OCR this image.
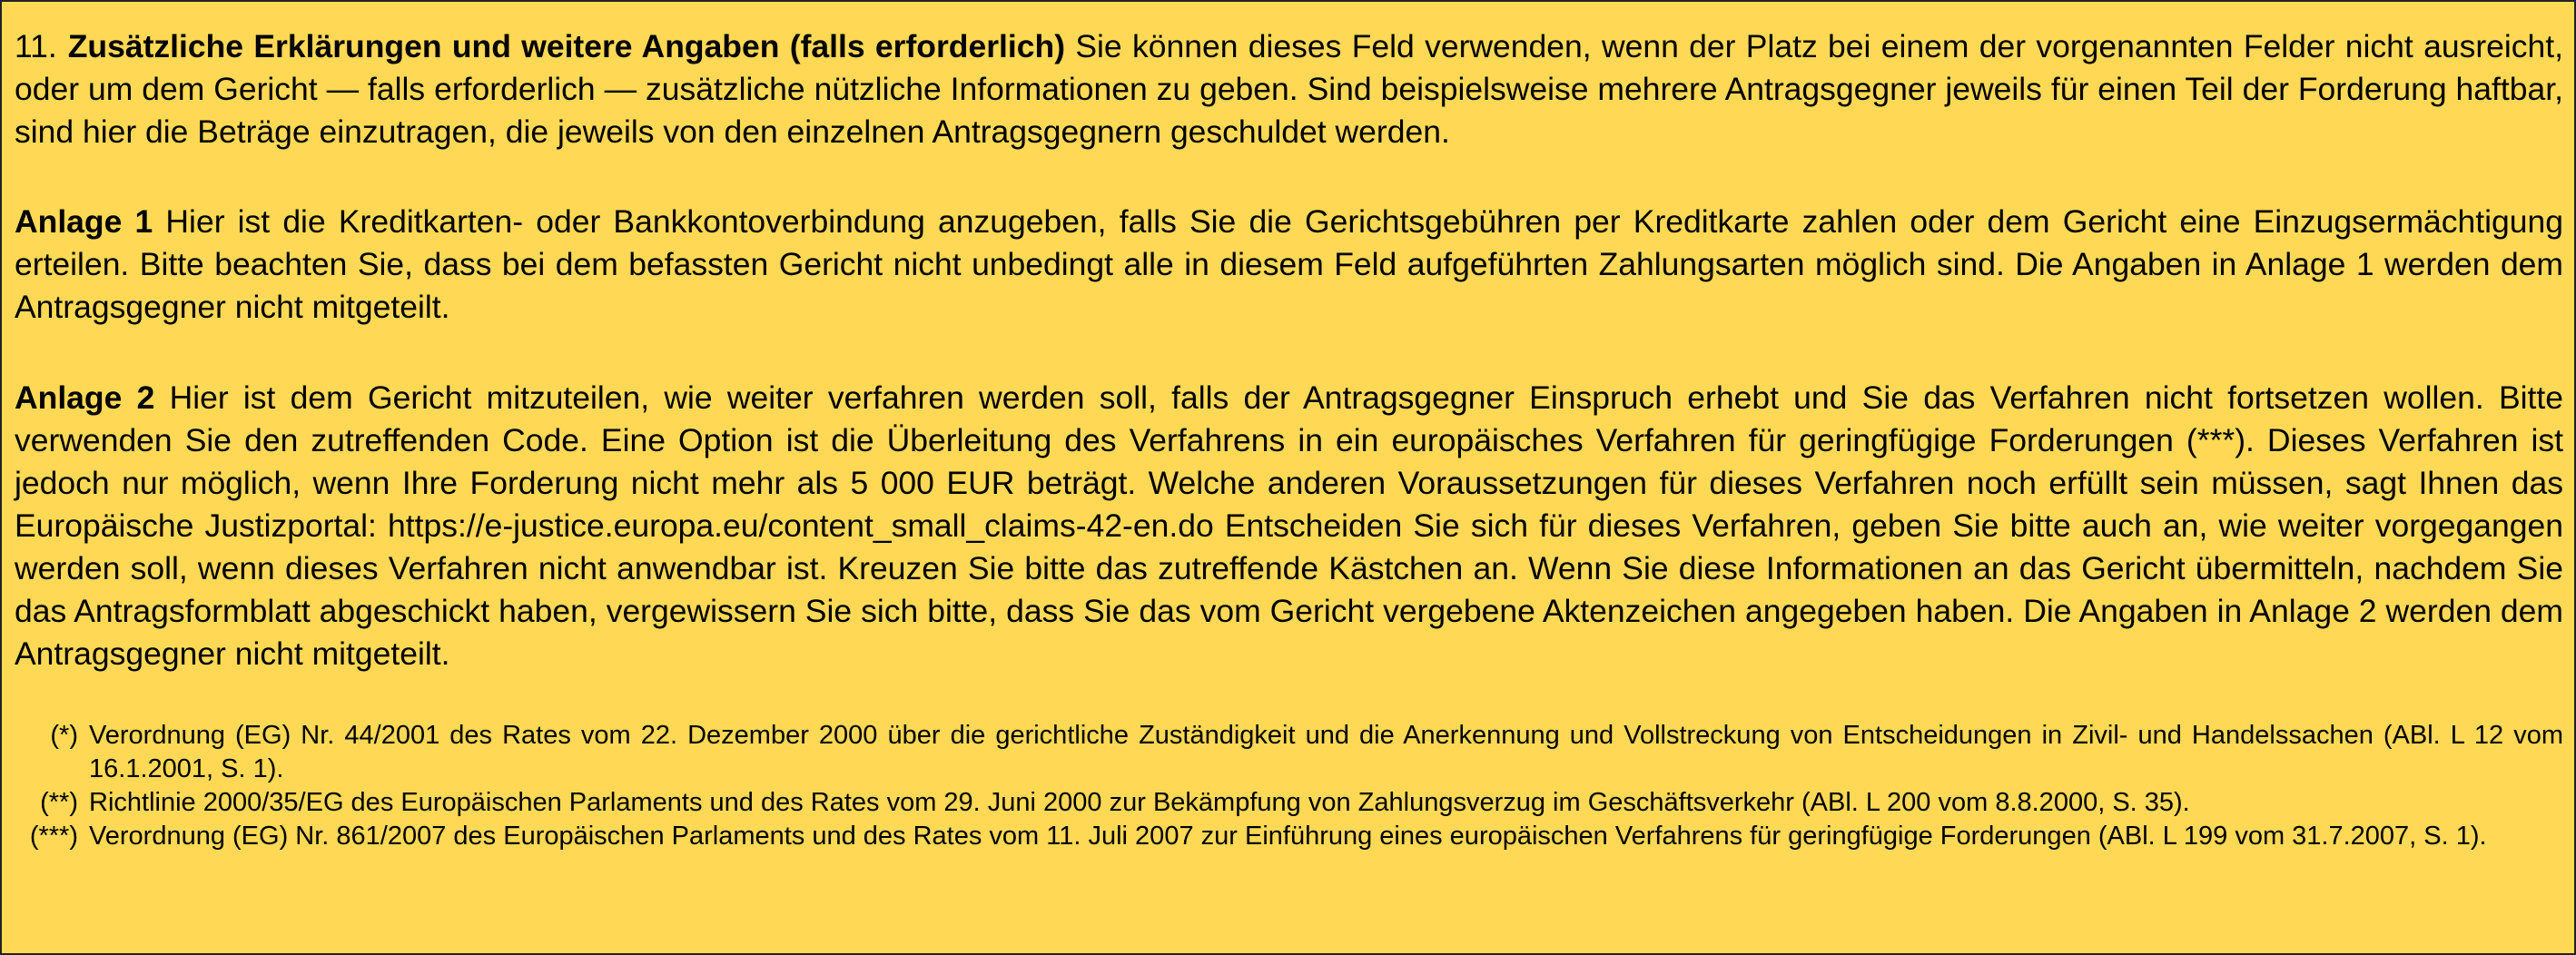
11. Zusätzliche Erklärungen und weitere Angaben (falls erforderlich) Sie können dieses Feld verwenden, wenn der Platz bei einem der vorgenannten Felder nicht ausreicht, oder um dem Gericht — falls erforderlich — zusätzliche nützliche Informationen zu geben. Sind beispielsweise mehrere Antragsgegner jeweils für einen Teil der Forderung haftbar, sind hier die Beträge einzutragen, die jeweils von den einzelnen Antragsgegnern geschuldet werden.

Anlage 1 Hier ist die Kreditkarten- oder Bankkontoverbindung anzugeben, falls Sie die Gerichtsgebühren per Kreditkarte zahlen oder dem Gericht eine Einzugsermächtigung erteilen. Bitte beachten Sie, dass bei dem befassten Gericht nicht unbedingt alle in diesem Feld aufgeführten Zahlungsarten möglich sind. Die Angaben in Anlage 1 werden dem Antragsgegner nicht mitgeteilt.

Anlage 2 Hier ist dem Gericht mitzuteilen, wie weiter verfahren werden soll, falls der Antragsgegner Einspruch erhebt und Sie das Verfahren nicht fortsetzen wollen. Bitte verwenden Sie den zutreffenden Code. Eine Option ist die Überleitung des Verfahrens in ein europäisches Verfahren für geringfügige Forderungen (***). Dieses Verfahren ist jedoch nur möglich, wenn Ihre Forderung nicht mehr als 5 000 EUR beträgt. Welche anderen Voraussetzungen für dieses Verfahren noch erfüllt sein müssen, sagt Ihnen das Europäische Justizportal: https://e-justice.europa.eu/content_small_claims-42-en.do Entscheiden Sie sich für dieses Verfahren, geben Sie bitte auch an, wie weiter vorgegangen werden soll, wenn dieses Verfahren nicht anwendbar ist. Kreuzen Sie bitte das zutreffende Kästchen an. Wenn Sie diese Informationen an das Gericht übermitteln, nachdem Sie das Antragsformblatt abgeschickt haben, vergewissern Sie sich bitte, dass Sie das vom Gericht vergebene Aktenzeichen angegeben haben. Die Angaben in Anlage 2 werden dem Antragsgegner nicht mitgeteilt.

(*) Verordnung (EG) Nr. 44/2001 des Rates vom 22. Dezember 2000 über die gerichtliche Zuständigkeit und die Anerkennung und Vollstreckung von Entscheidungen in Zivil- und Handelssachen (ABl. L 12 vom 16.1.2001, S. 1).
(**) Richtlinie 2000/35/EG des Europäischen Parlaments und des Rates vom 29. Juni 2000 zur Bekämpfung von Zahlungsverzug im Geschäftsverkehr (ABl. L 200 vom 8.8.2000, S. 35).
(***) Verordnung (EG) Nr. 861/2007 des Europäischen Parlaments und des Rates vom 11. Juli 2007 zur Einführung eines europäischen Verfahrens für geringfügige Forderungen (ABl. L 199 vom 31.7.2007, S. 1).
